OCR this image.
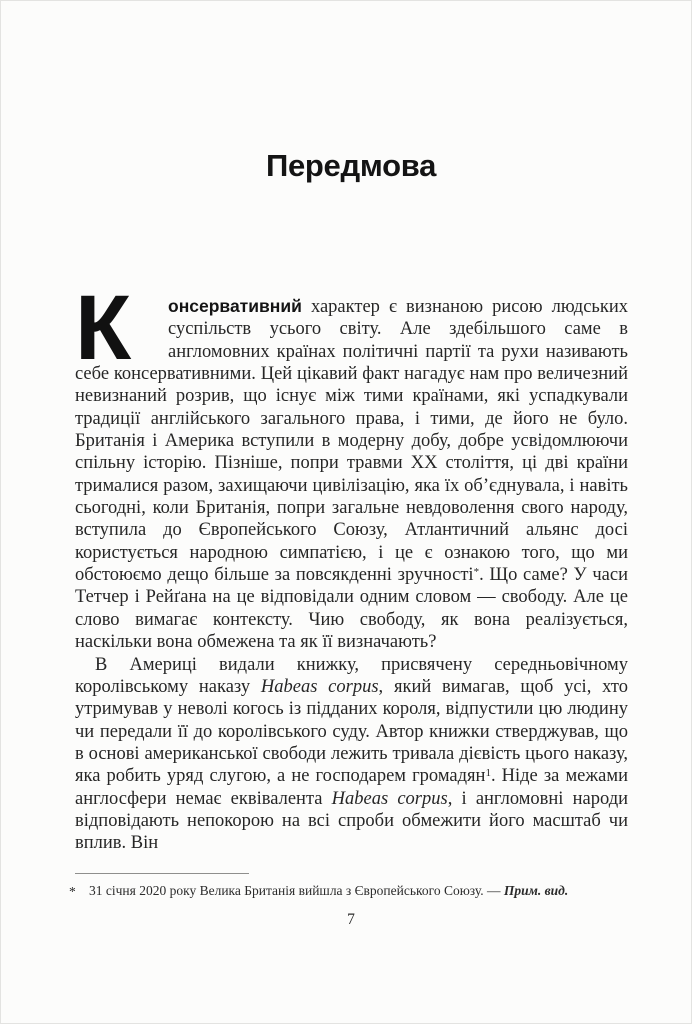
Передмова

К	онсервативний характер є визнаною рисою людських суспільств усього світу. Але здебільшого саме в англомовних країнах політичні партії та рухи називають себе консервативними. Цей цікавий факт нагадує нам про величезний невизнаний розрив, що існує між тими країнами, які успадкували традиції англійського загального права, і тими, де його не було. Британія і Америка вступили в модерну добу, добре усвідомлюючи спільну історію. Пізніше, попри травми XX століття, ці дві країни трималися разом, захищаючи цивілізацію, яка їх об’єднувала, і навіть сьогодні, коли Британія, попри загальне невдоволення свого народу, вступила до Європейського Союзу, Атлантичний альянс досі користується народною симпатією, і це є ознакою того, що ми обстоюємо дещо більше за повсякденні зручності*. Що саме? У часи Тетчер і Рейґана на це відповідали одним словом — свободу. Але це слово вимагає контексту. Чию свободу, як вона реалізується, наскільки вона обмежена та як її визначають?

В Америці видали книжку, присвячену середньовічному королівському наказу Habeas corpus, який вимагав, щоб усі, хто утримував у неволі когось із підданих короля, відпустили цю людину чи передали її до королівського суду. Автор книжки стверджував, що в основі американської свободи лежить тривала дієвість цього наказу, яка робить уряд слугою, а не господарем громадян$^1$. Ніде за межами англосфери немає еквівалента Habeas corpus, і англомовні народи відповідають непокорою на всі спроби обмежити його масштаб чи вплив. Він

* 31 січня 2020 року Велика Британія вийшла з Європейського Союзу. — Прим. вид.
7
